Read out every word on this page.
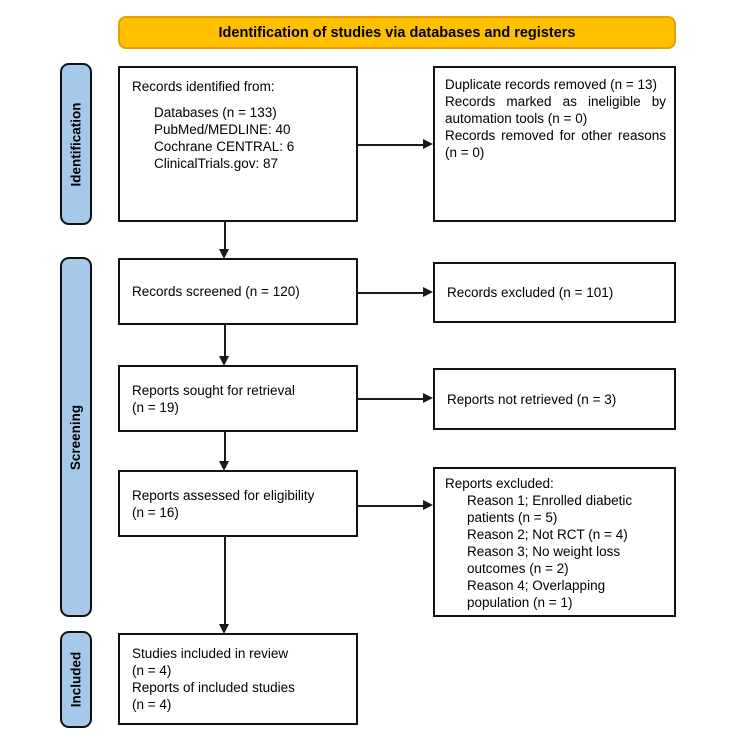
Identification of studies via databases and registers
Identification
Screening
Included
Records identified from:
Databases (n = 133)
PubMed/MEDLINE: 40
Cochrane CENTRAL: 6
ClinicalTrials.gov: 87

Duplicate records removed (n = 13)

Records marked as ineligible by automation tools (n = 0)

Records removed for other reasons (n = 0)

Records screened (n = 120)	Records excluded (n = 101)
Reports sought for retrieval
(n = 19)
Reports not retrieved (n = 3)
Reports assessed for eligibility
(n = 16)
Reports excluded:
Reason 1; Enrolled diabetic patients (n = 5)
Reason 2; Not RCT (n = 4)
Reason 3; No weight loss outcomes (n = 2)
Reason 4; Overlapping population (n = 1)
Studies included in review
(n = 4)
Reports of included studies
(n = 4)
